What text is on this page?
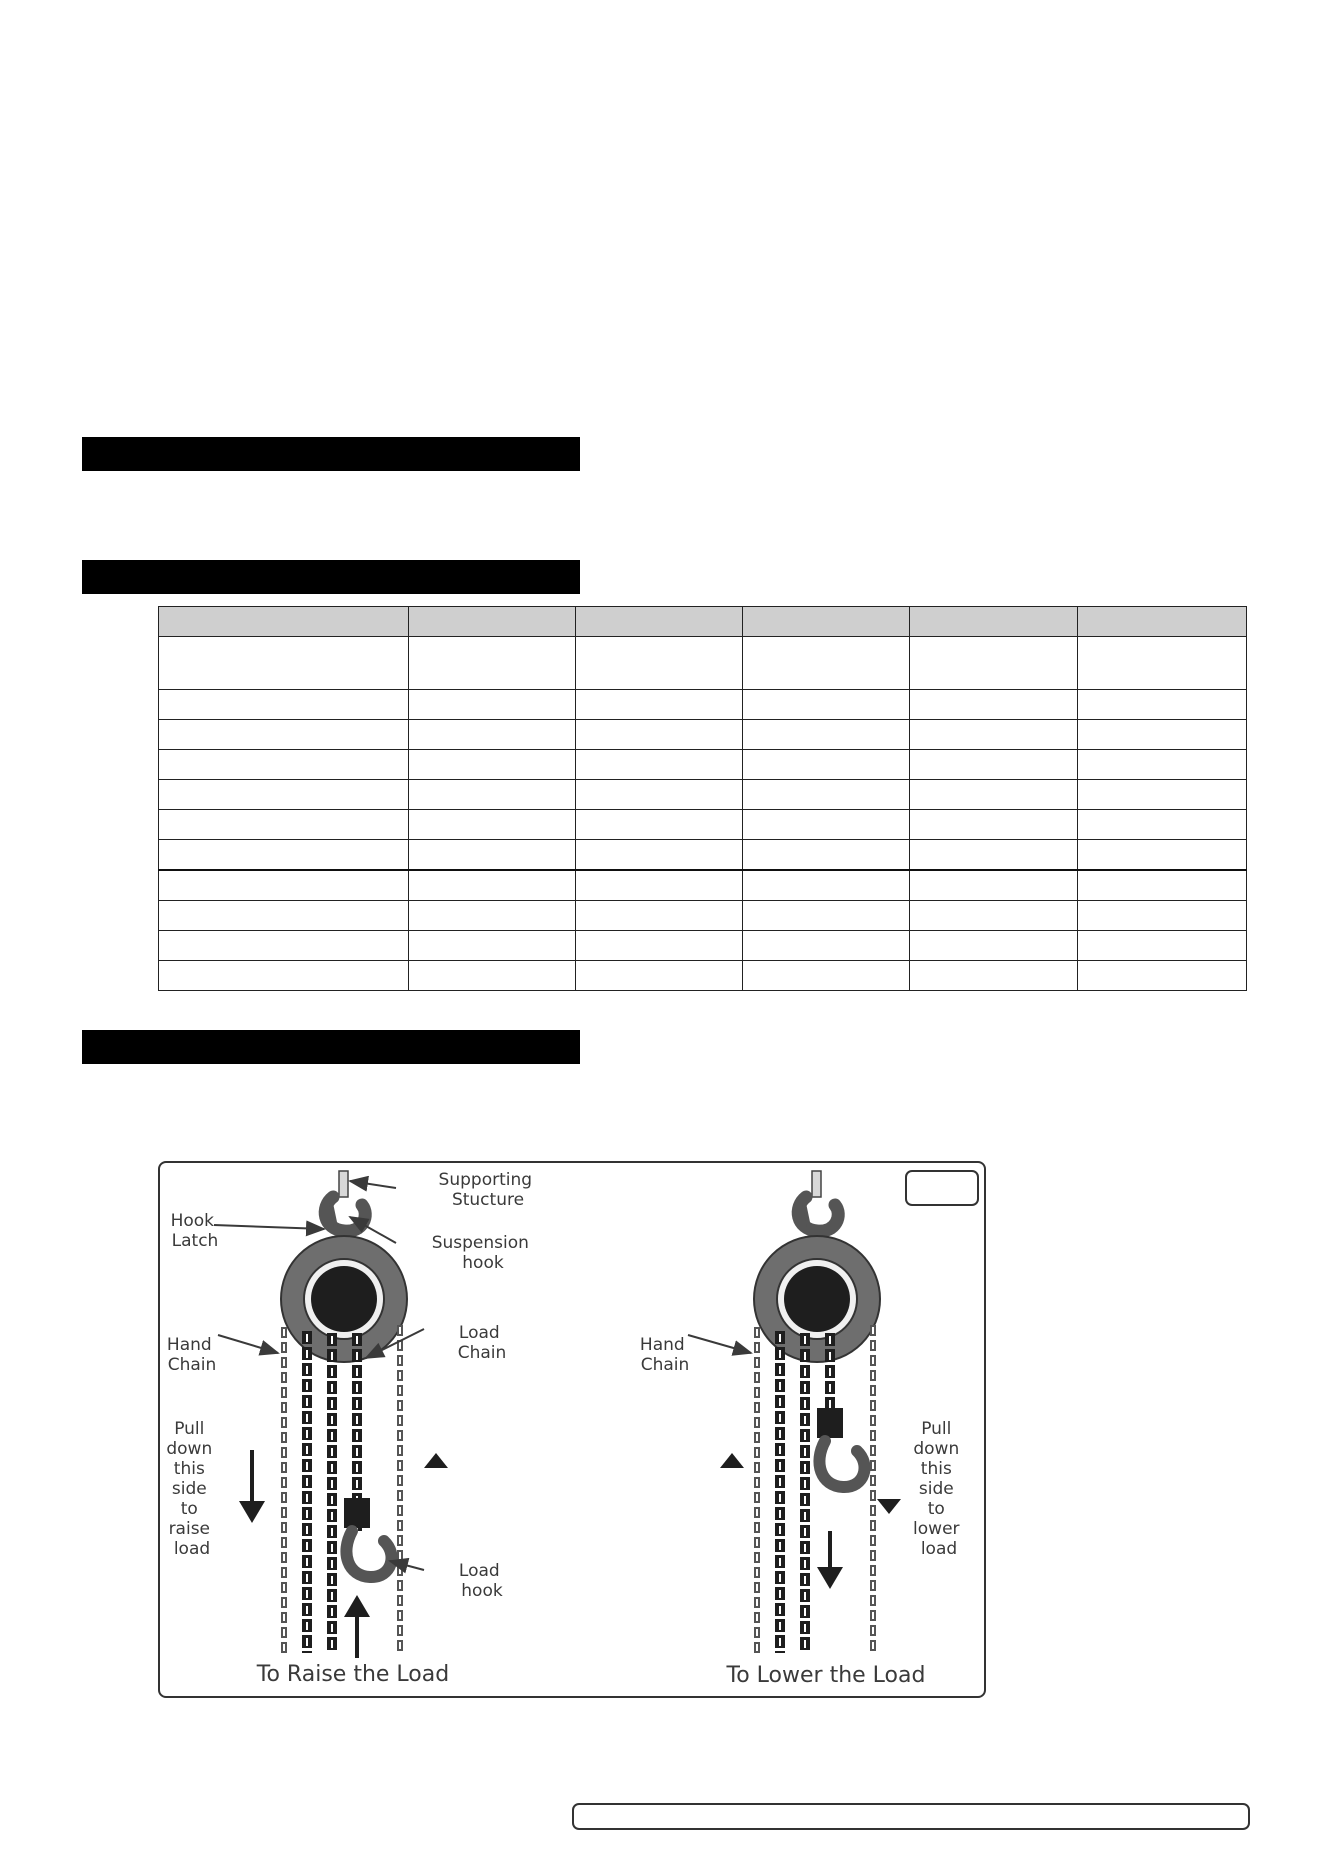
Supporting Stucture
Hook Latch	Suspension hook
Load Chain
Hand Chain
Pull down this side to raise load
Load hook
To Raise the Load
Hand Chain
Pull down this side to lower load
To Lower the Load
